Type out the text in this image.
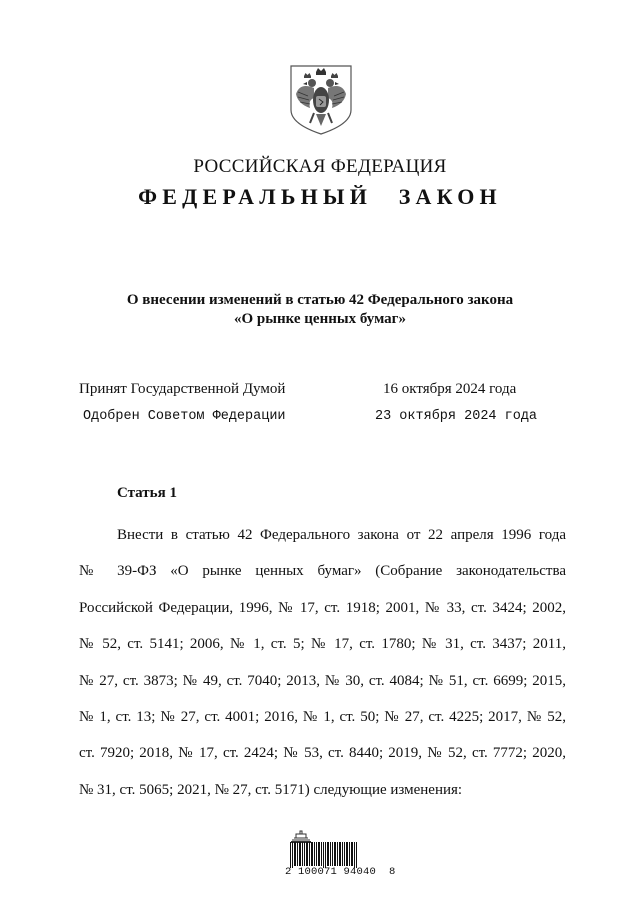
РОССИЙСКАЯ ФЕДЕРАЦИЯ
ФЕДЕРАЛЬНЫЙ ЗАКОН
О внесении изменений в статью 42 Федерального закона
«О рынке ценных бумаг»
Принят Государственной Думой	16 октября 2024 года
Одобрен Советом Федерации	23 октября 2024 года
Статья 1
Внести в статью 42 Федерального закона от 22 апреля 1996 года
№ 39-ФЗ «О рынке ценных бумаг» (Собрание законодательства
Российской Федерации, 1996, № 17, ст. 1918; 2001, № 33, ст. 3424; 2002,
№ 52, ст. 5141; 2006, № 1, ст. 5; № 17, ст. 1780; № 31, ст. 3437; 2011,
№ 27, ст. 3873; № 49, ст. 7040; 2013, № 30, ст. 4084; № 51, ст. 6699; 2015,
№ 1, ст. 13; № 27, ст. 4001; 2016, № 1, ст. 50; № 27, ст. 4225; 2017, № 52,
ст. 7920; 2018, № 17, ст. 2424; № 53, ст. 8440; 2019, № 52, ст. 7772; 2020,
№ 31, ст. 5065; 2021, № 27, ст. 5171) следующие изменения:
2 100071 94040  8
